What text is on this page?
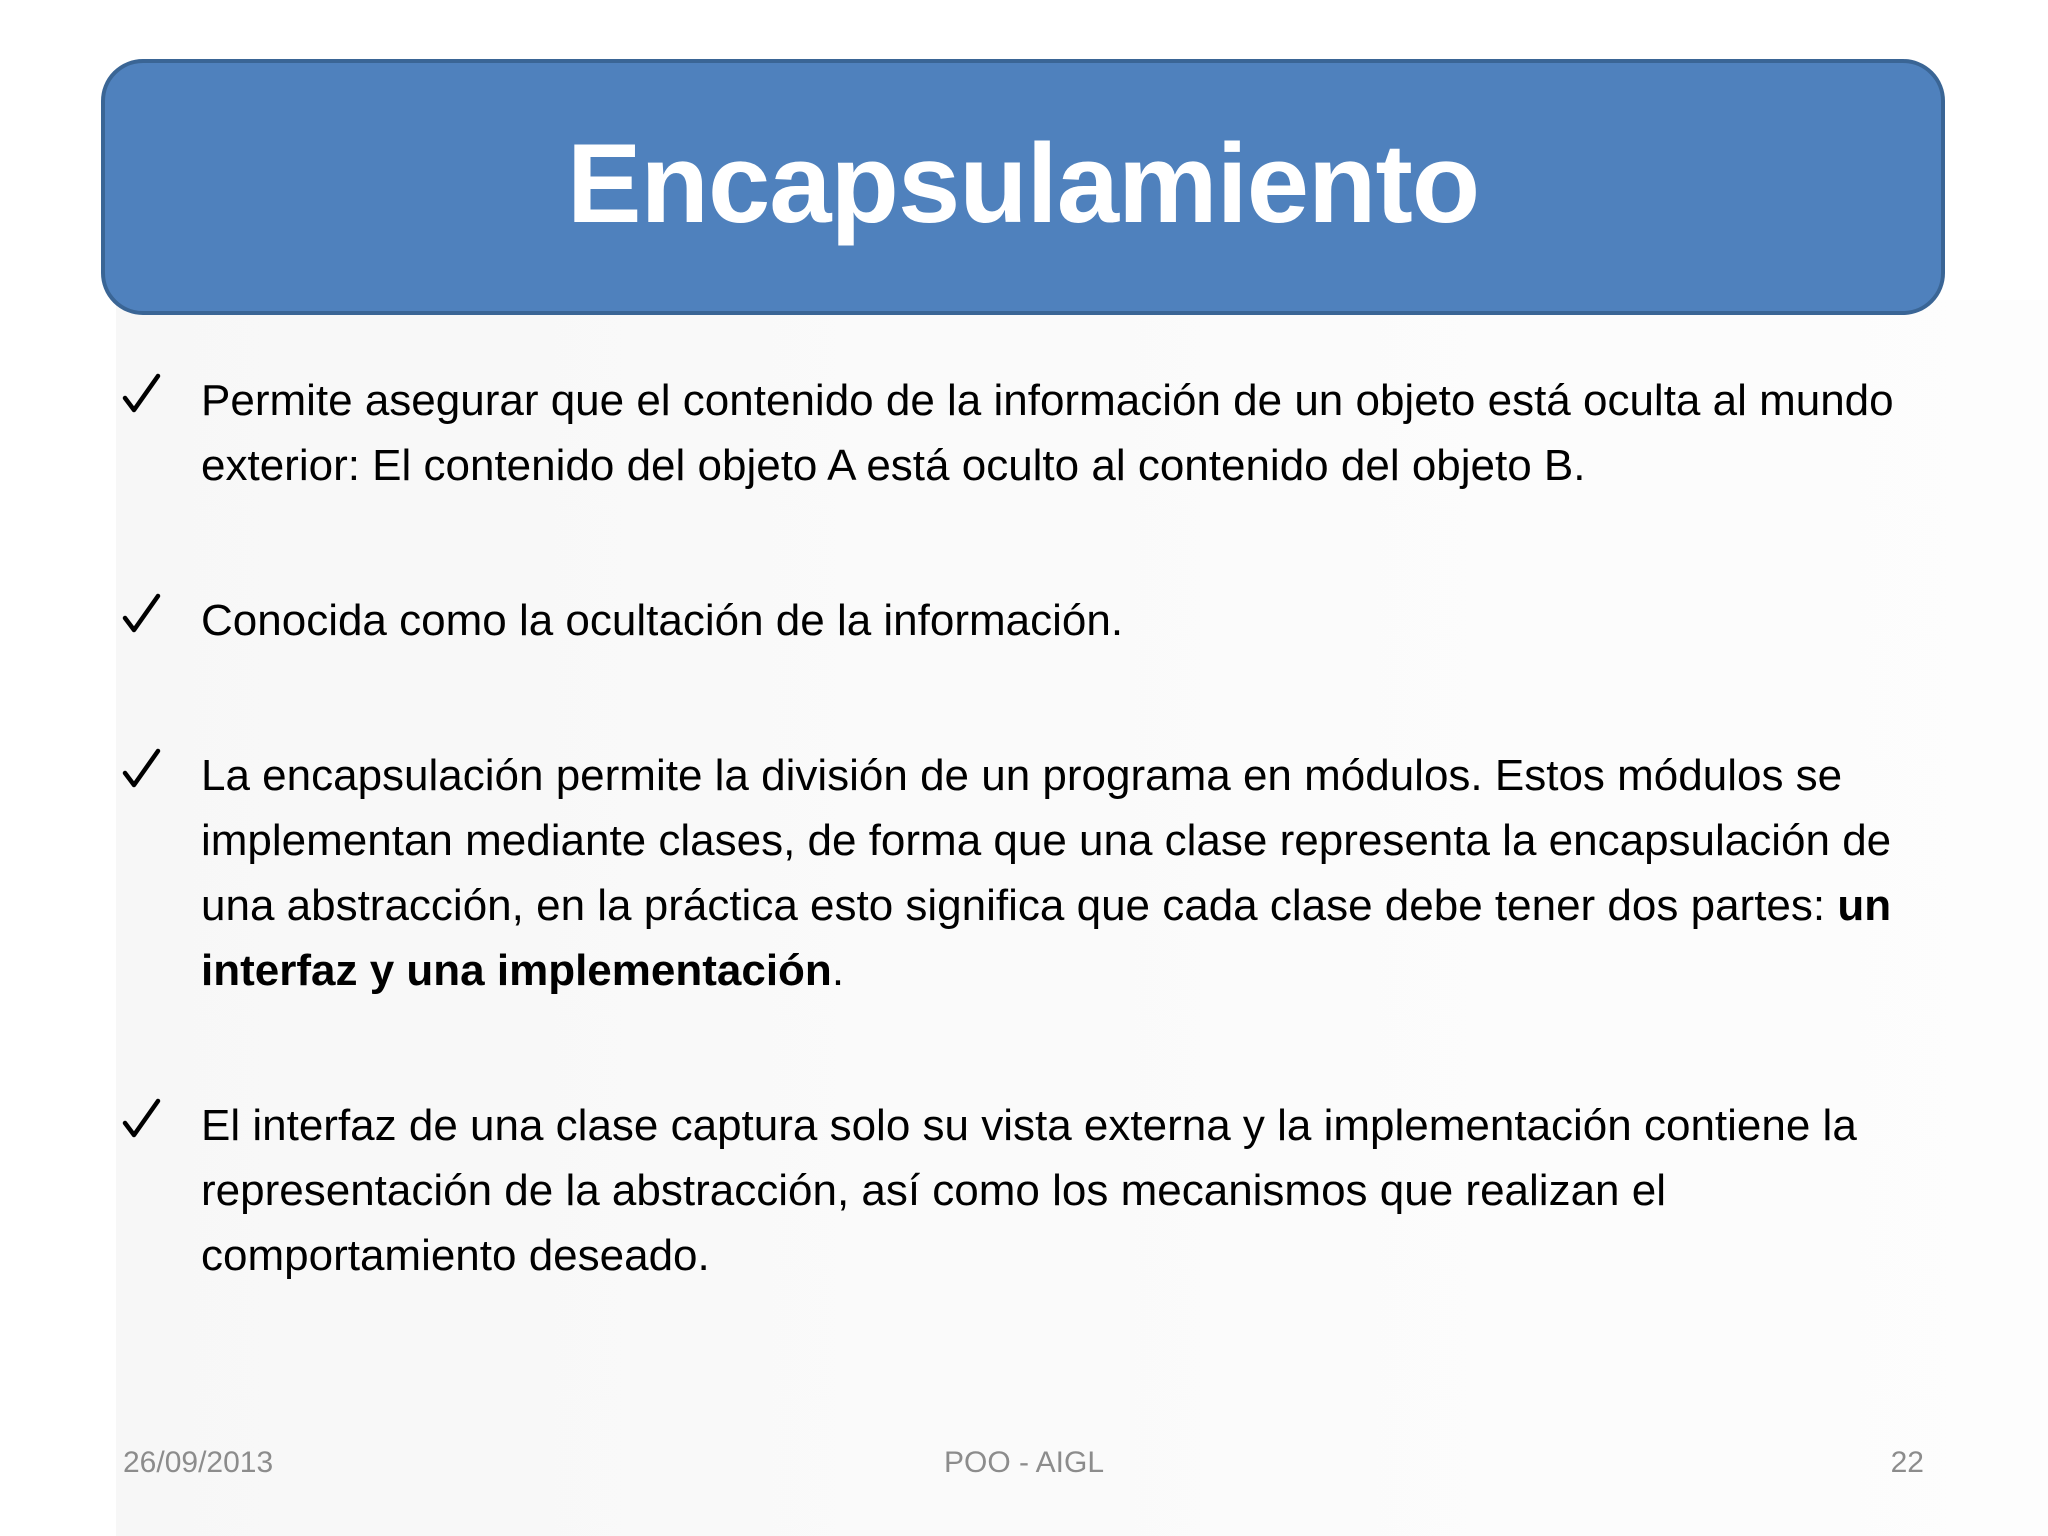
Encapsulamiento
Permite asegurar que el contenido de la información de un objeto está oculta al mundo exterior: El contenido del objeto A está oculto al contenido del objeto B.
Conocida como la ocultación de la información.
La encapsulación permite la división de un programa en módulos. Estos módulos se implementan mediante clases, de forma que una clase representa la encapsulación de una abstracción, en la práctica esto significa que cada clase debe tener dos partes: un interfaz y una implementación.
El interfaz de una clase captura solo su vista externa y la implementación contiene la representación de la abstracción, así como los mecanismos que realizan el comportamiento deseado.
26/09/2013	POO - AIGL	22
